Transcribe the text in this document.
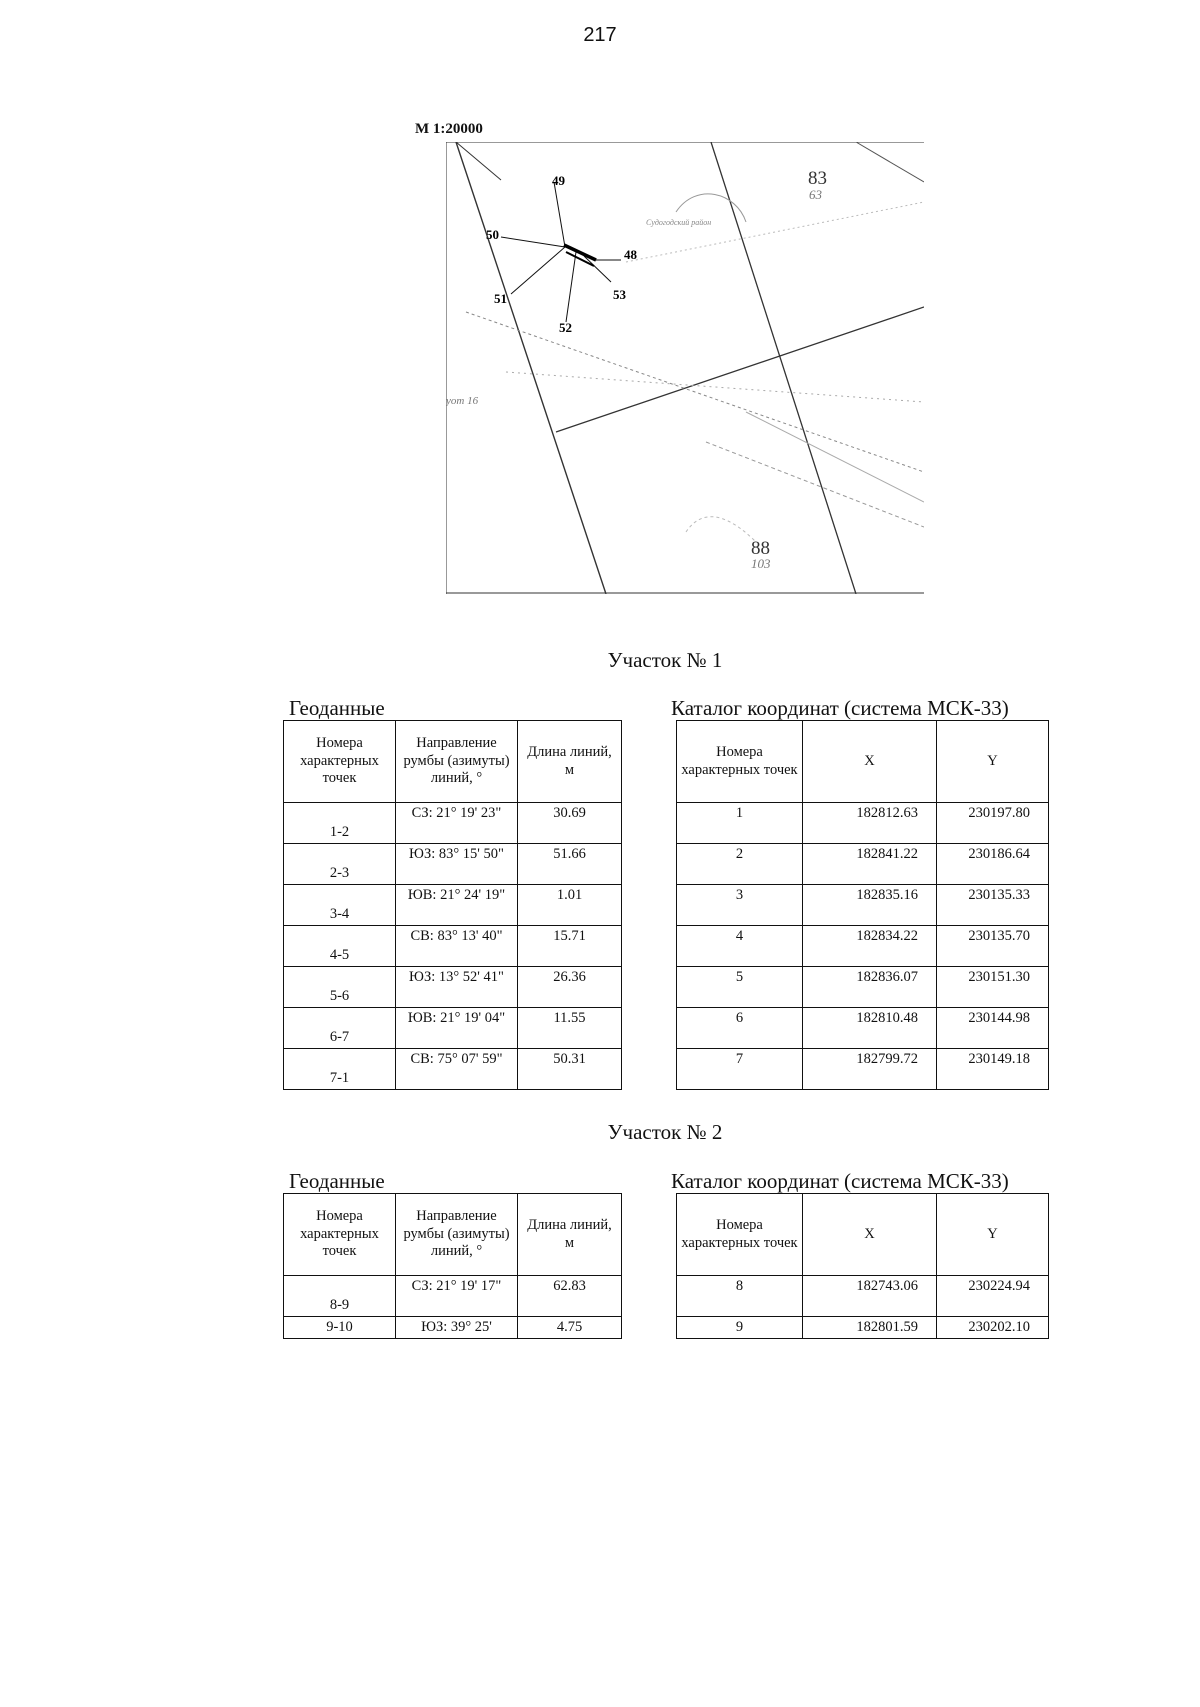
217
М 1:20000
49
50
48
51	53
52
83
63
88
103
уот 16
Судогодский район
Участок № 1
Геоданные	Каталог координат (система МСК-33)
Номера характерных точек	Направление румбы (азимуты) линий, °	Длина линий, м
1-2	СЗ: 21° 19' 23"	30.69
2-3	ЮЗ: 83° 15' 50"	51.66
3-4	ЮВ: 21° 24' 19"	1.01
4-5	СВ: 83° 13' 40"	15.71
5-6	ЮЗ: 13° 52' 41"	26.36
6-7	ЮВ: 21° 19' 04"	11.55
7-1	СВ: 75° 07' 59"	50.31
Номера характерных точек	X	Y
1	182812.63	230197.80
2	182841.22	230186.64
3	182835.16	230135.33
4	182834.22	230135.70
5	182836.07	230151.30
6	182810.48	230144.98
7	182799.72	230149.18
Участок № 2
Геоданные	Каталог координат (система МСК-33)
Номера характерных точек	Направление румбы (азимуты) линий, °	Длина линий, м
8-9	СЗ: 21° 19' 17"	62.83
9-10	ЮЗ: 39° 25'	4.75
Номера характерных точек	X	Y
8	182743.06	230224.94
9	182801.59	230202.10
